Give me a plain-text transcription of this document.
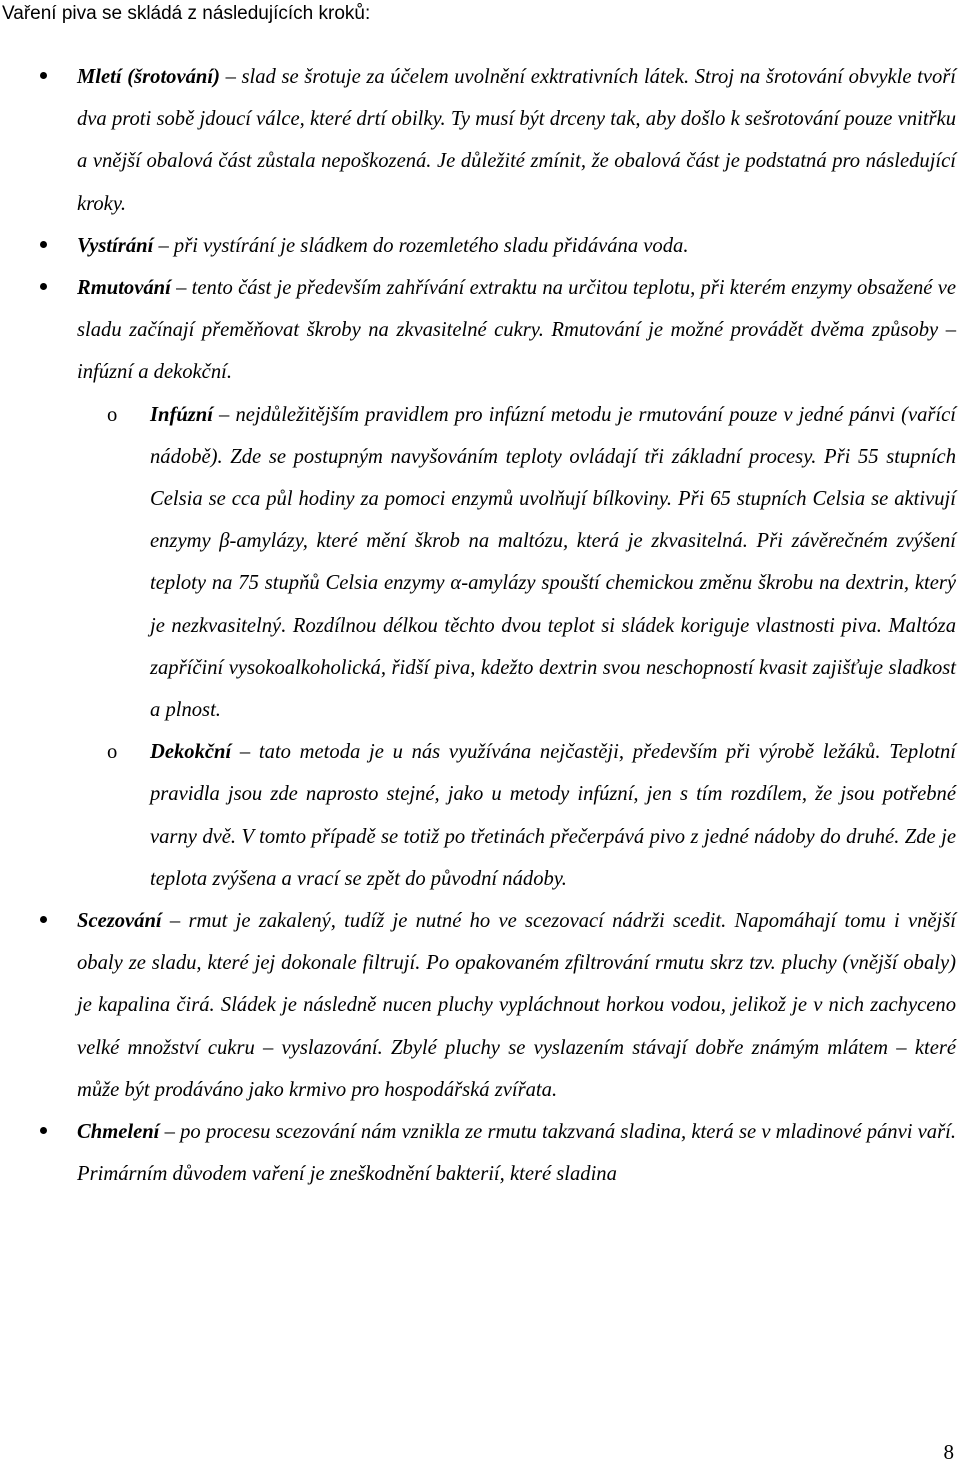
Vaření piva se skládá z následujících kroků:

Mletí (šrotování) – slad se šrotuje za účelem uvolnění exktrativních látek. Stroj na šrotování obvykle tvoří dva proti sobě jdoucí válce, které drtí obilky. Ty musí být drceny tak, aby došlo k sešrotování pouze vnitřku a vnější obalová část zůstala nepoškozená. Je důležité zmínit, že obalová část je podstatná pro následující kroky.

Vystírání – při vystírání je sládkem do rozemletého sladu přidávána voda.

Rmutování – tento část je především zahřívání extraktu na určitou teplotu, při kterém enzymy obsažené ve sladu začínají přeměňovat škroby na zkvasitelné cukry. Rmutování je možné provádět dvěma způsoby – infúzní a dekokční.

o Infúzní – nejdůležitějším pravidlem pro infúzní metodu je rmutování pouze v jedné pánvi (vařící nádobě). Zde se postupným navyšováním teploty ovládají tři základní procesy. Při 55 stupních Celsia se cca půl hodiny za pomoci enzymů uvolňují bílkoviny. Při 65 stupních Celsia se aktivují enzymy β-amylázy, které mění škrob na maltózu, která je zkvasitelná. Při závěrečném zvýšení teploty na 75 stupňů Celsia enzymy α-amylázy spouští chemickou změnu škrobu na dextrin, který je nezkvasitelný. Rozdílnou délkou těchto dvou teplot si sládek koriguje vlastnosti piva. Maltóza zapříčiní vysokoalkoholická, řidší piva, kdežto dextrin svou neschopností kvasit zajišťuje sladkost a plnost.

o Dekokční – tato metoda je u nás využívána nejčastěji, především při výrobě ležáků. Teplotní pravidla jsou zde naprosto stejné, jako u metody infúzní, jen s tím rozdílem, že jsou potřebné varny dvě. V tomto případě se totiž po třetinách přečerpává pivo z jedné nádoby do druhé. Zde je teplota zvýšena a vrací se zpět do původní nádoby.

Scezování – rmut je zakalený, tudíž je nutné ho ve scezovací nádrži scedit. Napomáhají tomu i vnější obaly ze sladu, které jej dokonale filtrují. Po opakovaném zfiltrování rmutu skrz tzv. pluchy (vnější obaly) je kapalina čirá. Sládek je následně nucen pluchy vypláchnout horkou vodou, jelikož je v nich zachyceno velké množství cukru – vyslazování. Zbylé pluchy se vyslazením stávají dobře známým mlátem – které může být prodáváno jako krmivo pro hospodářská zvířata.

Chmelení – po procesu scezování nám vznikla ze rmutu takzvaná sladina, která se v mladinové pánvi vaří. Primárním důvodem vaření je zneškodnění bakterií, které sladina

8
